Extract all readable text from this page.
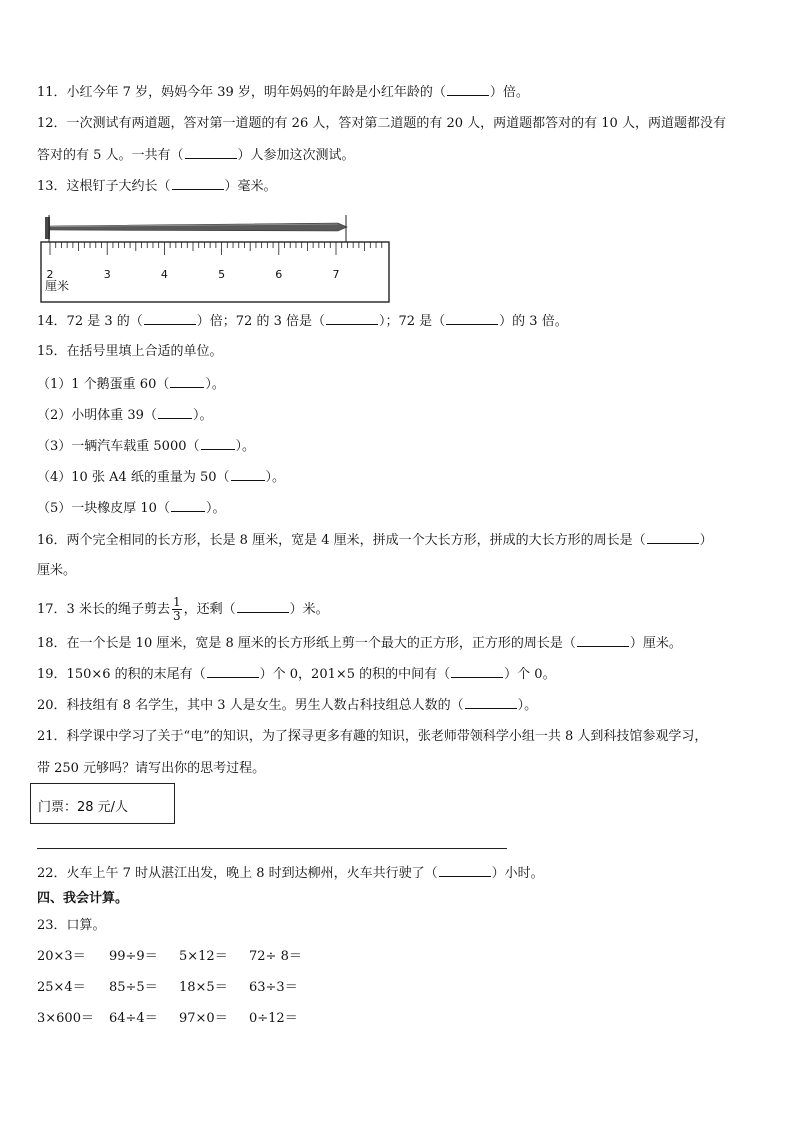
11．小红今年 7 岁，妈妈今年 39 岁，明年妈妈的年龄是小红年龄的（	）倍。
12．一次测试有两道题，答对第一道题的有 26 人，答对第二道题的有 20 人，两道题都答对的有 10 人，两道题都没有
答对的有 5 人。一共有（	）人参加这次测试。
13．这根钉子大约长（	）毫米。
2	3	4	5	6	7
厘米
14．72 是 3 的（	）倍；72 的 3 倍是（	）；72 是（	）的 3 倍。
15．在括号里填上合适的单位。
（1）1 个鹅蛋重 60（	）。
（2）小明体重 39（	）。
（3）一辆汽车载重 5000（	）。
（4）10 张 A4 纸的重量为 50（	）。
（5）一块橡皮厚 10（	）。
16．两个完全相同的长方形，长是 8 厘米，宽是 4 厘米，拼成一个大长方形，拼成的大长方形的周长是（	）
厘米。
17．3 米长的绳子剪去 $\frac{1}{3}$ ，还剩（	）米。
18．在一个长是 10 厘米，宽是 8 厘米的长方形纸上剪一个最大的正方形，正方形的周长是（	）厘米。
19．150×6 的积的末尾有（	）个 0，201×5 的积的中间有（	）个 0。
20．科技组有 8 名学生，其中 3 人是女生。男生人数占科技组总人数的（	）。
21．科学课中学习了关于“电”的知识，为了探寻更多有趣的知识，张老师带领科学小组一共 8 人到科技馆参观学习，
带 250 元够吗？请写出你的思考过程。
门票：28 元/人
22．火车上午 7 时从湛江出发，晚上 8 时到达柳州，火车共行驶了（	）小时。
四、我会计算。
23．口算。
20×3＝ 99÷9＝ 5×12＝ 72÷ 8＝
25×4＝ 85÷5＝ 18×5＝ 63÷3＝
3×600＝ 64÷4＝ 97×0＝ 0÷12＝
